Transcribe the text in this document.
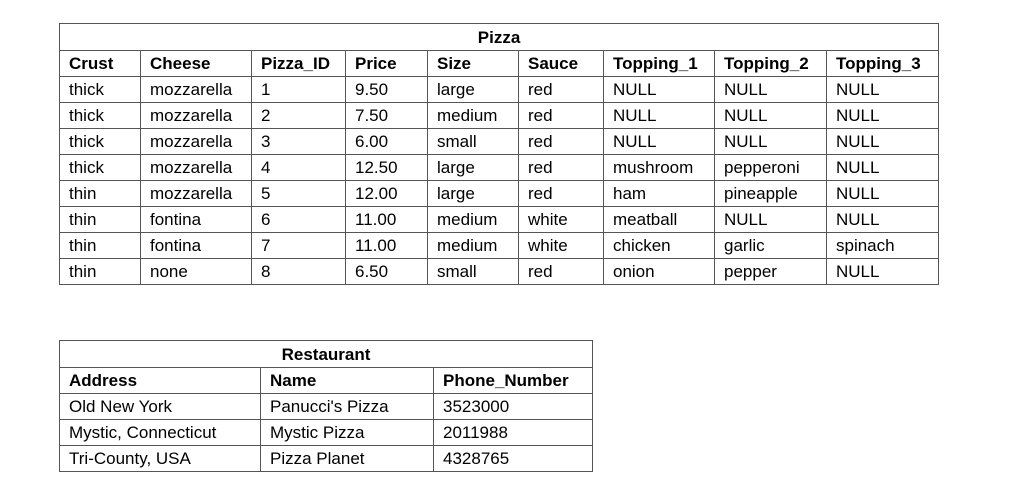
Pizza								
Crust	Cheese	Pizza_ID	Price	Size	Sauce	Topping_1	Topping_2	Topping_3
thick	mozzarella	1	9.50	large	red	NULL	NULL	NULL
thick	mozzarella	2	7.50	medium	red	NULL	NULL	NULL
thick	mozzarella	3	6.00	small	red	NULL	NULL	NULL
thick	mozzarella	4	12.50	large	red	mushroom	pepperoni	NULL
thin	mozzarella	5	12.00	large	red	ham	pineapple	NULL
thin	fontina	6	11.00	medium	white	meatball	NULL	NULL
thin	fontina	7	11.00	medium	white	chicken	garlic	spinach
thin	none	8	6.50	small	red	onion	pepper	NULL
Restaurant		
Address	Name	Phone_Number
Old New York	Panucci's Pizza	3523000
Mystic, Connecticut	Mystic Pizza	2011988
Tri-County, USA	Pizza Planet	4328765
